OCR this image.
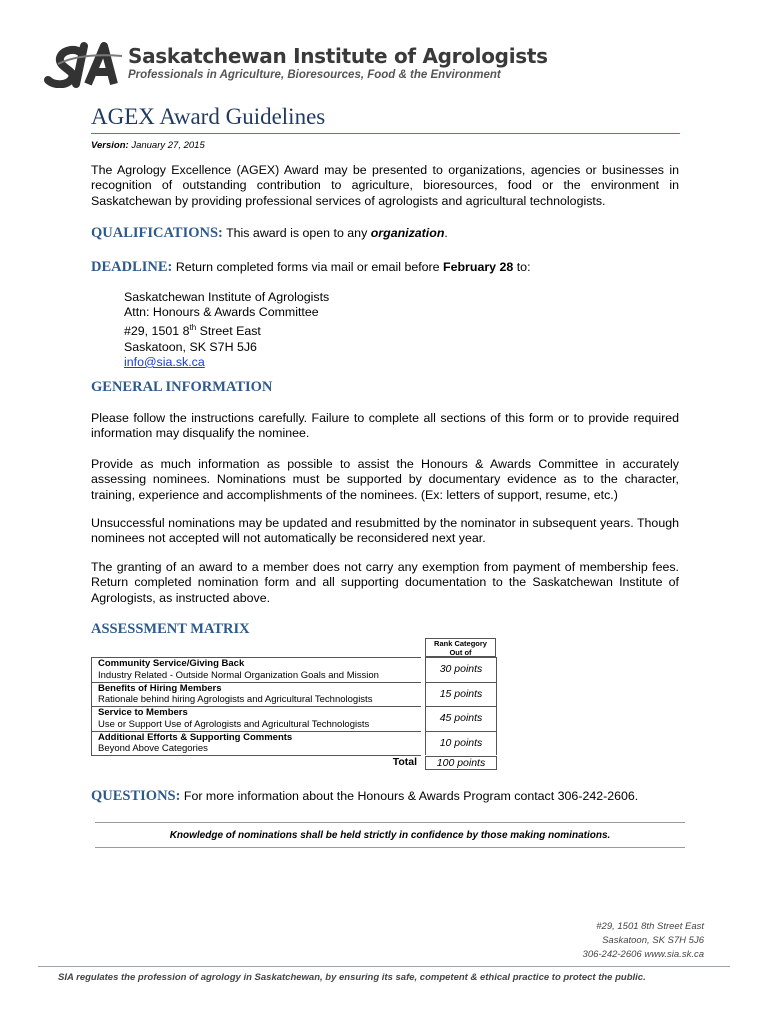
Saskatchewan Institute of Agrologists
Professionals in Agriculture, Bioresources, Food & the Environment
AGEX Award Guidelines
Version: January 27, 2015
The Agrology Excellence (AGEX) Award may be presented to organizations, agencies or businesses in recognition of outstanding contribution to agriculture, bioresources, food or the environment in Saskatchewan by providing professional services of agrologists and agricultural technologists.
QUALIFICATIONS: This award is open to any organization.
DEADLINE: Return completed forms via mail or email before February 28 to:
Saskatchewan Institute of Agrologists
Attn: Honours & Awards Committee
#29, 1501 8th Street East
Saskatoon, SK S7H 5J6
info@sia.sk.ca
GENERAL INFORMATION
Please follow the instructions carefully. Failure to complete all sections of this form or to provide required information may disqualify the nominee.
Provide as much information as possible to assist the Honours & Awards Committee in accurately assessing nominees. Nominations must be supported by documentary evidence as to the character, training, experience and accomplishments of the nominees. (Ex: letters of support, resume, etc.)
Unsuccessful nominations may be updated and resubmitted by the nominator in subsequent years. Though nominees not accepted will not automatically be reconsidered next year.
The granting of an award to a member does not carry any exemption from payment of membership fees. Return completed nomination form and all supporting documentation to the Saskatchewan Institute of Agrologists, as instructed above.
ASSESSMENT MATRIX
Rank Category
Out of
Community Service/Giving Back
Industry Related - Outside Normal Organization Goals and Mission	30 points
Benefits of Hiring Members
Rationale behind hiring Agrologists and Agricultural Technologists	15 points
Service to Members
Use or Support Use of Agrologists and Agricultural Technologists	45 points
Additional Efforts & Supporting Comments
Beyond Above Categories	10 points
Total	100 points
QUESTIONS: For more information about the Honours & Awards Program contact 306-242-2606.
Knowledge of nominations shall be held strictly in confidence by those making nominations.
#29, 1501 8th Street East
Saskatoon, SK S7H 5J6
306-242-2606 www.sia.sk.ca
SIA regulates the profession of agrology in Saskatchewan, by ensuring its safe, competent & ethical practice to protect the public.
